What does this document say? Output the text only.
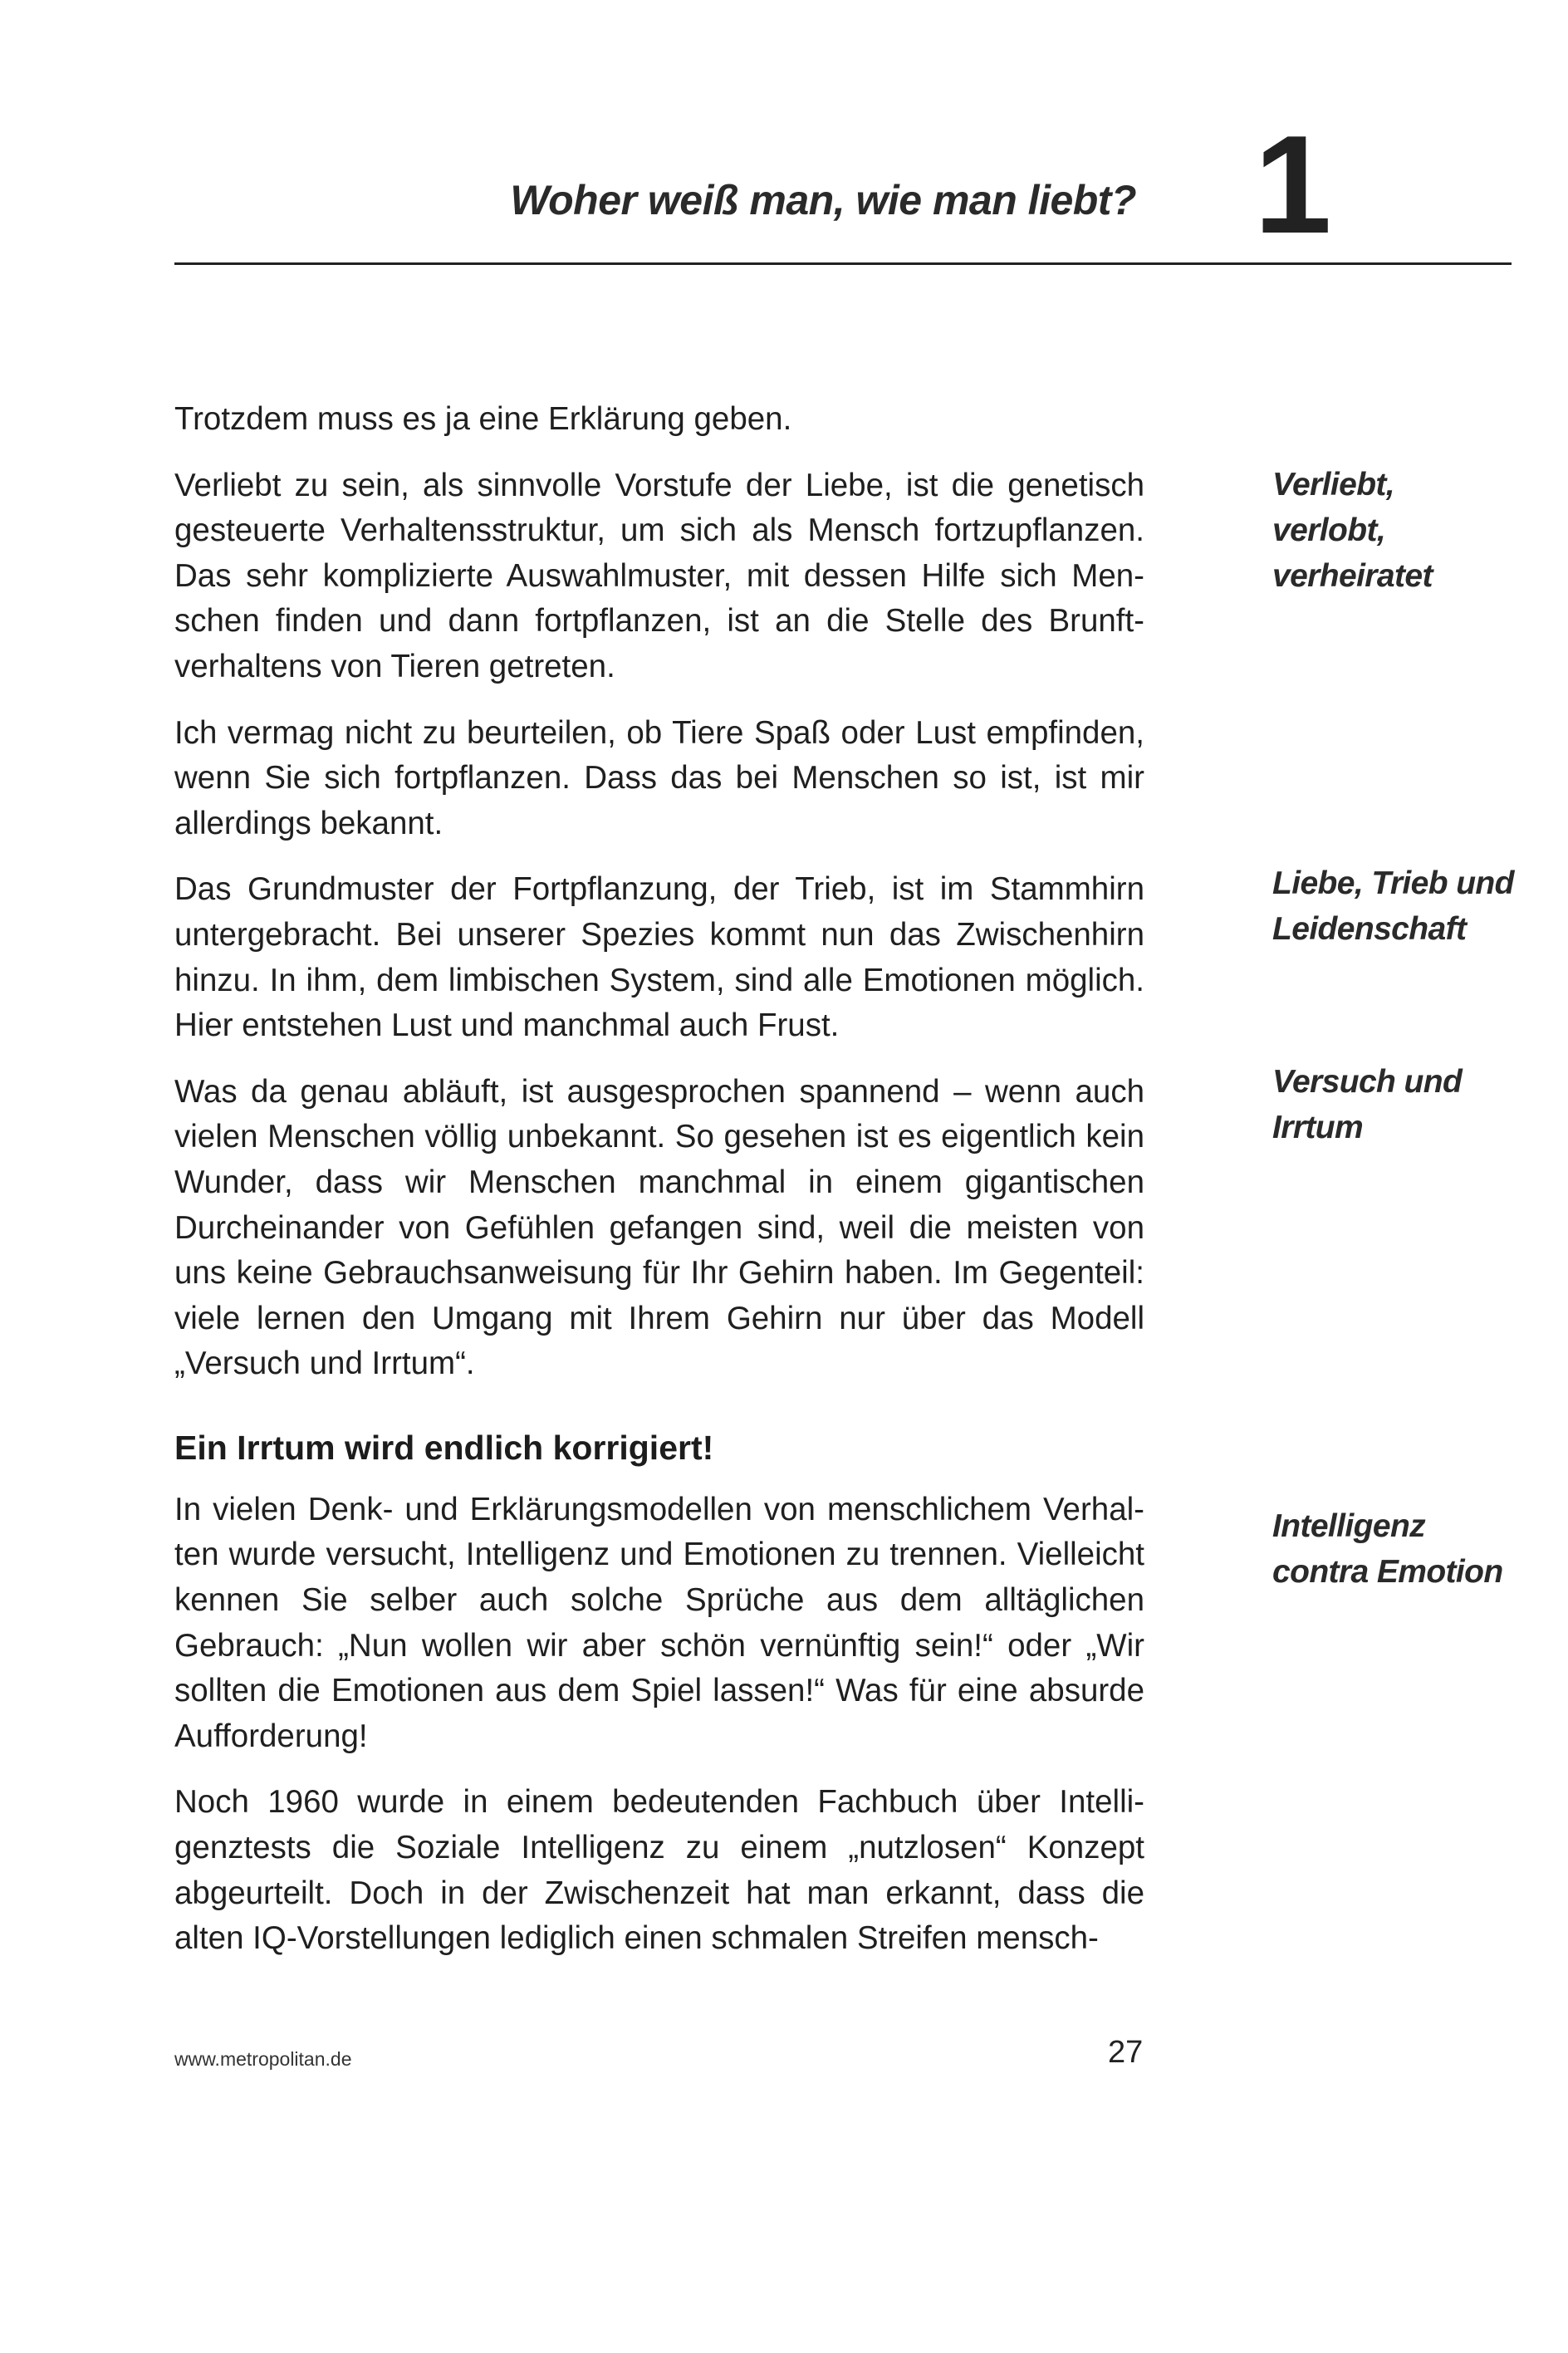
Woher weiß man, wie man liebt? 1

Trotzdem muss es ja eine Erklärung geben.

Verliebt zu sein, als sinnvolle Vorstufe der Liebe, ist die genetisch gesteuerte Verhaltensstruktur, um sich als Mensch fortzupflanzen. Das sehr komplizierte Auswahlmuster, mit dessen Hilfe sich Menschen finden und dann fortpflanzen, ist an die Stelle des Brunftverhaltens von Tieren getreten.

Ich vermag nicht zu beurteilen, ob Tiere Spaß oder Lust empfinden, wenn Sie sich fortpflanzen. Dass das bei Menschen so ist, ist mir allerdings bekannt.

Das Grundmuster der Fortpflanzung, der Trieb, ist im Stammhirn untergebracht. Bei unserer Spezies kommt nun das Zwischenhirn hinzu. In ihm, dem limbischen System, sind alle Emotionen möglich. Hier entstehen Lust und manchmal auch Frust.

Was da genau abläuft, ist ausgesprochen spannend – wenn auch vielen Menschen völlig unbekannt. So gesehen ist es eigentlich kein Wunder, dass wir Menschen manchmal in einem gigantischen Durcheinander von Gefühlen gefangen sind, weil die meisten von uns keine Gebrauchsanweisung für Ihr Gehirn haben. Im Gegenteil: viele lernen den Umgang mit Ihrem Gehirn nur über das Modell „Versuch und Irrtum“.

Ein Irrtum wird endlich korrigiert!

In vielen Denk- und Erklärungsmodellen von menschlichem Verhalten wurde versucht, Intelligenz und Emotionen zu trennen. Vielleicht kennen Sie selber auch solche Sprüche aus dem alltäglichen Gebrauch: „Nun wollen wir aber schön vernünftig sein!“ oder „Wir sollten die Emotionen aus dem Spiel lassen!“ Was für eine absurde Aufforderung!

Noch 1960 wurde in einem bedeutenden Fachbuch über Intelligenztests die Soziale Intelligenz zu einem „nutzlosen“ Konzept abgeurteilt. Doch in der Zwischenzeit hat man erkannt, dass die alten IQ-Vorstellungen lediglich einen schmalen Streifen mensch-

Verliebt,
verlobt,
verheiratet
Liebe, Trieb und
Leidenschaft
Versuch und
Irrtum
Intelligenz
contra Emotion
www.metropolitan.de	27
